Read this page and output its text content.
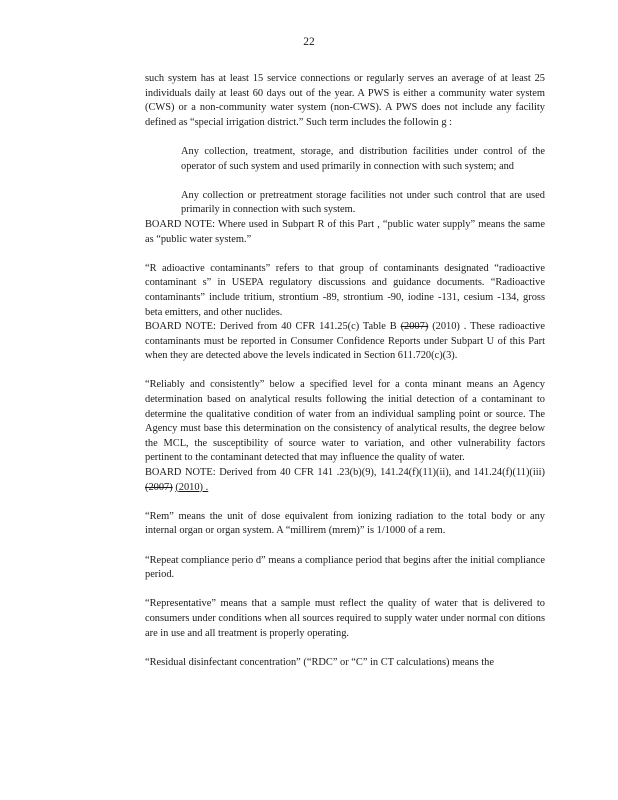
22

such system has at least 15 service connections or regularly serves an average of at least 25 individuals daily at least 60 days out of the year. A PWS is either a community water system (CWS) or a non-community water system (non-CWS). A PWS does not include any facility defined as “special irrigation district.” Such term includes the followin g :

Any collection, treatment, storage, and distribution facilities under control of the operator of such system and used primarily in connection with such system; and

Any collection or pretreatment storage facilities not under such control that are used primarily in connection with such system.

BOARD NOTE: Where used in Subpart R of this Part , “public water supply” means the same as “public water system.”

“R adioactive contaminants” refers to that group of contaminants designated “radioactive contaminant s” in USEPA regulatory discussions and guidance documents. “Radioactive contaminants” include tritium, strontium -89, strontium -90, iodine -131, cesium -134, gross beta emitters, and other nuclides.

BOARD NOTE: Derived from 40 CFR 141.25(c) Table B (2007) (2010) . These radioactive contaminants must be reported in Consumer Confidence Reports under Subpart U of this Part when they are detected above the levels indicated in Section 611.720(c)(3).

“Reliably and consistently” below a specified level for a conta minant means an Agency determination based on analytical results following the initial detection of a contaminant to determine the qualitative condition of water from an individual sampling point or source. The Agency must base this determination on the consistency of analytical results, the degree below the MCL, the susceptibility of source water to variation, and other vulnerability factors pertinent to the contaminant detected that may influence the quality of water.

BOARD NOTE: Derived from 40 CFR 141 .23(b)(9), 141.24(f)(11)(ii), and 141.24(f)(11)(iii) (2007) (2010) .

“Rem” means the unit of dose equivalent from ionizing radiation to the total body or any internal organ or organ system. A “millirem (mrem)” is 1/1000 of a rem.

“Repeat compliance perio d” means a compliance period that begins after the initial compliance period.

“Representative” means that a sample must reflect the quality of water that is delivered to consumers under conditions when all sources required to supply water under normal con ditions are in use and all treatment is properly operating.

“Residual disinfectant concentration” (“RDC” or “C” in CT calculations) means the
